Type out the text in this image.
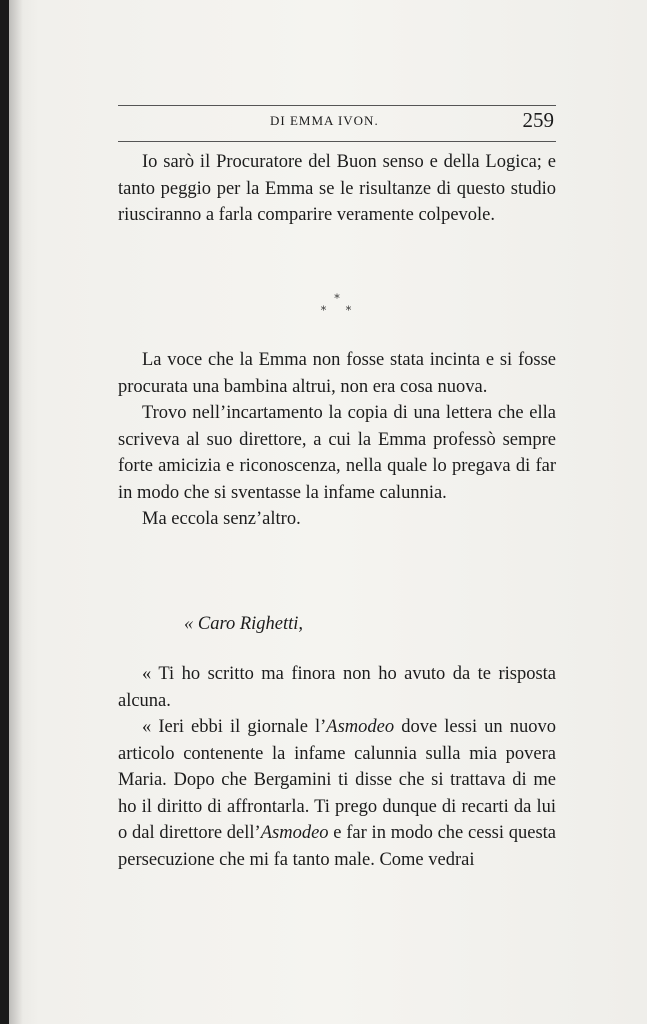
DI EMMA IVON.	259

Io sarò il Procuratore del Buon senso e della Logica; e tanto peggio per la Emma se le risultanze di questo studio riusciranno a farla comparire veramente colpevole.

*
* *

La voce che la Emma non fosse stata incinta e si fosse procurata una bambina altrui, non era cosa nuova.

Trovo nell’incartamento la copia di una lettera che ella scriveva al suo direttore, a cui la Emma professò sempre forte amicizia e riconoscenza, nella quale lo pregava di far in modo che si sventasse la infame calunnia.

Ma eccola senz’altro.

« Caro Righetti,

« Ti ho scritto ma finora non ho avuto da te risposta alcuna.

« Ieri ebbi il giornale l’Asmodeo dove lessi un nuovo articolo contenente la infame calunnia sulla mia povera Maria. Dopo che Bergamini ti disse che si trattava di me ho il diritto di affrontarla. Ti prego dunque di recarti da lui o dal direttore dell’Asmodeo e far in modo che cessi questa persecuzione che mi fa tanto male. Come vedrai
